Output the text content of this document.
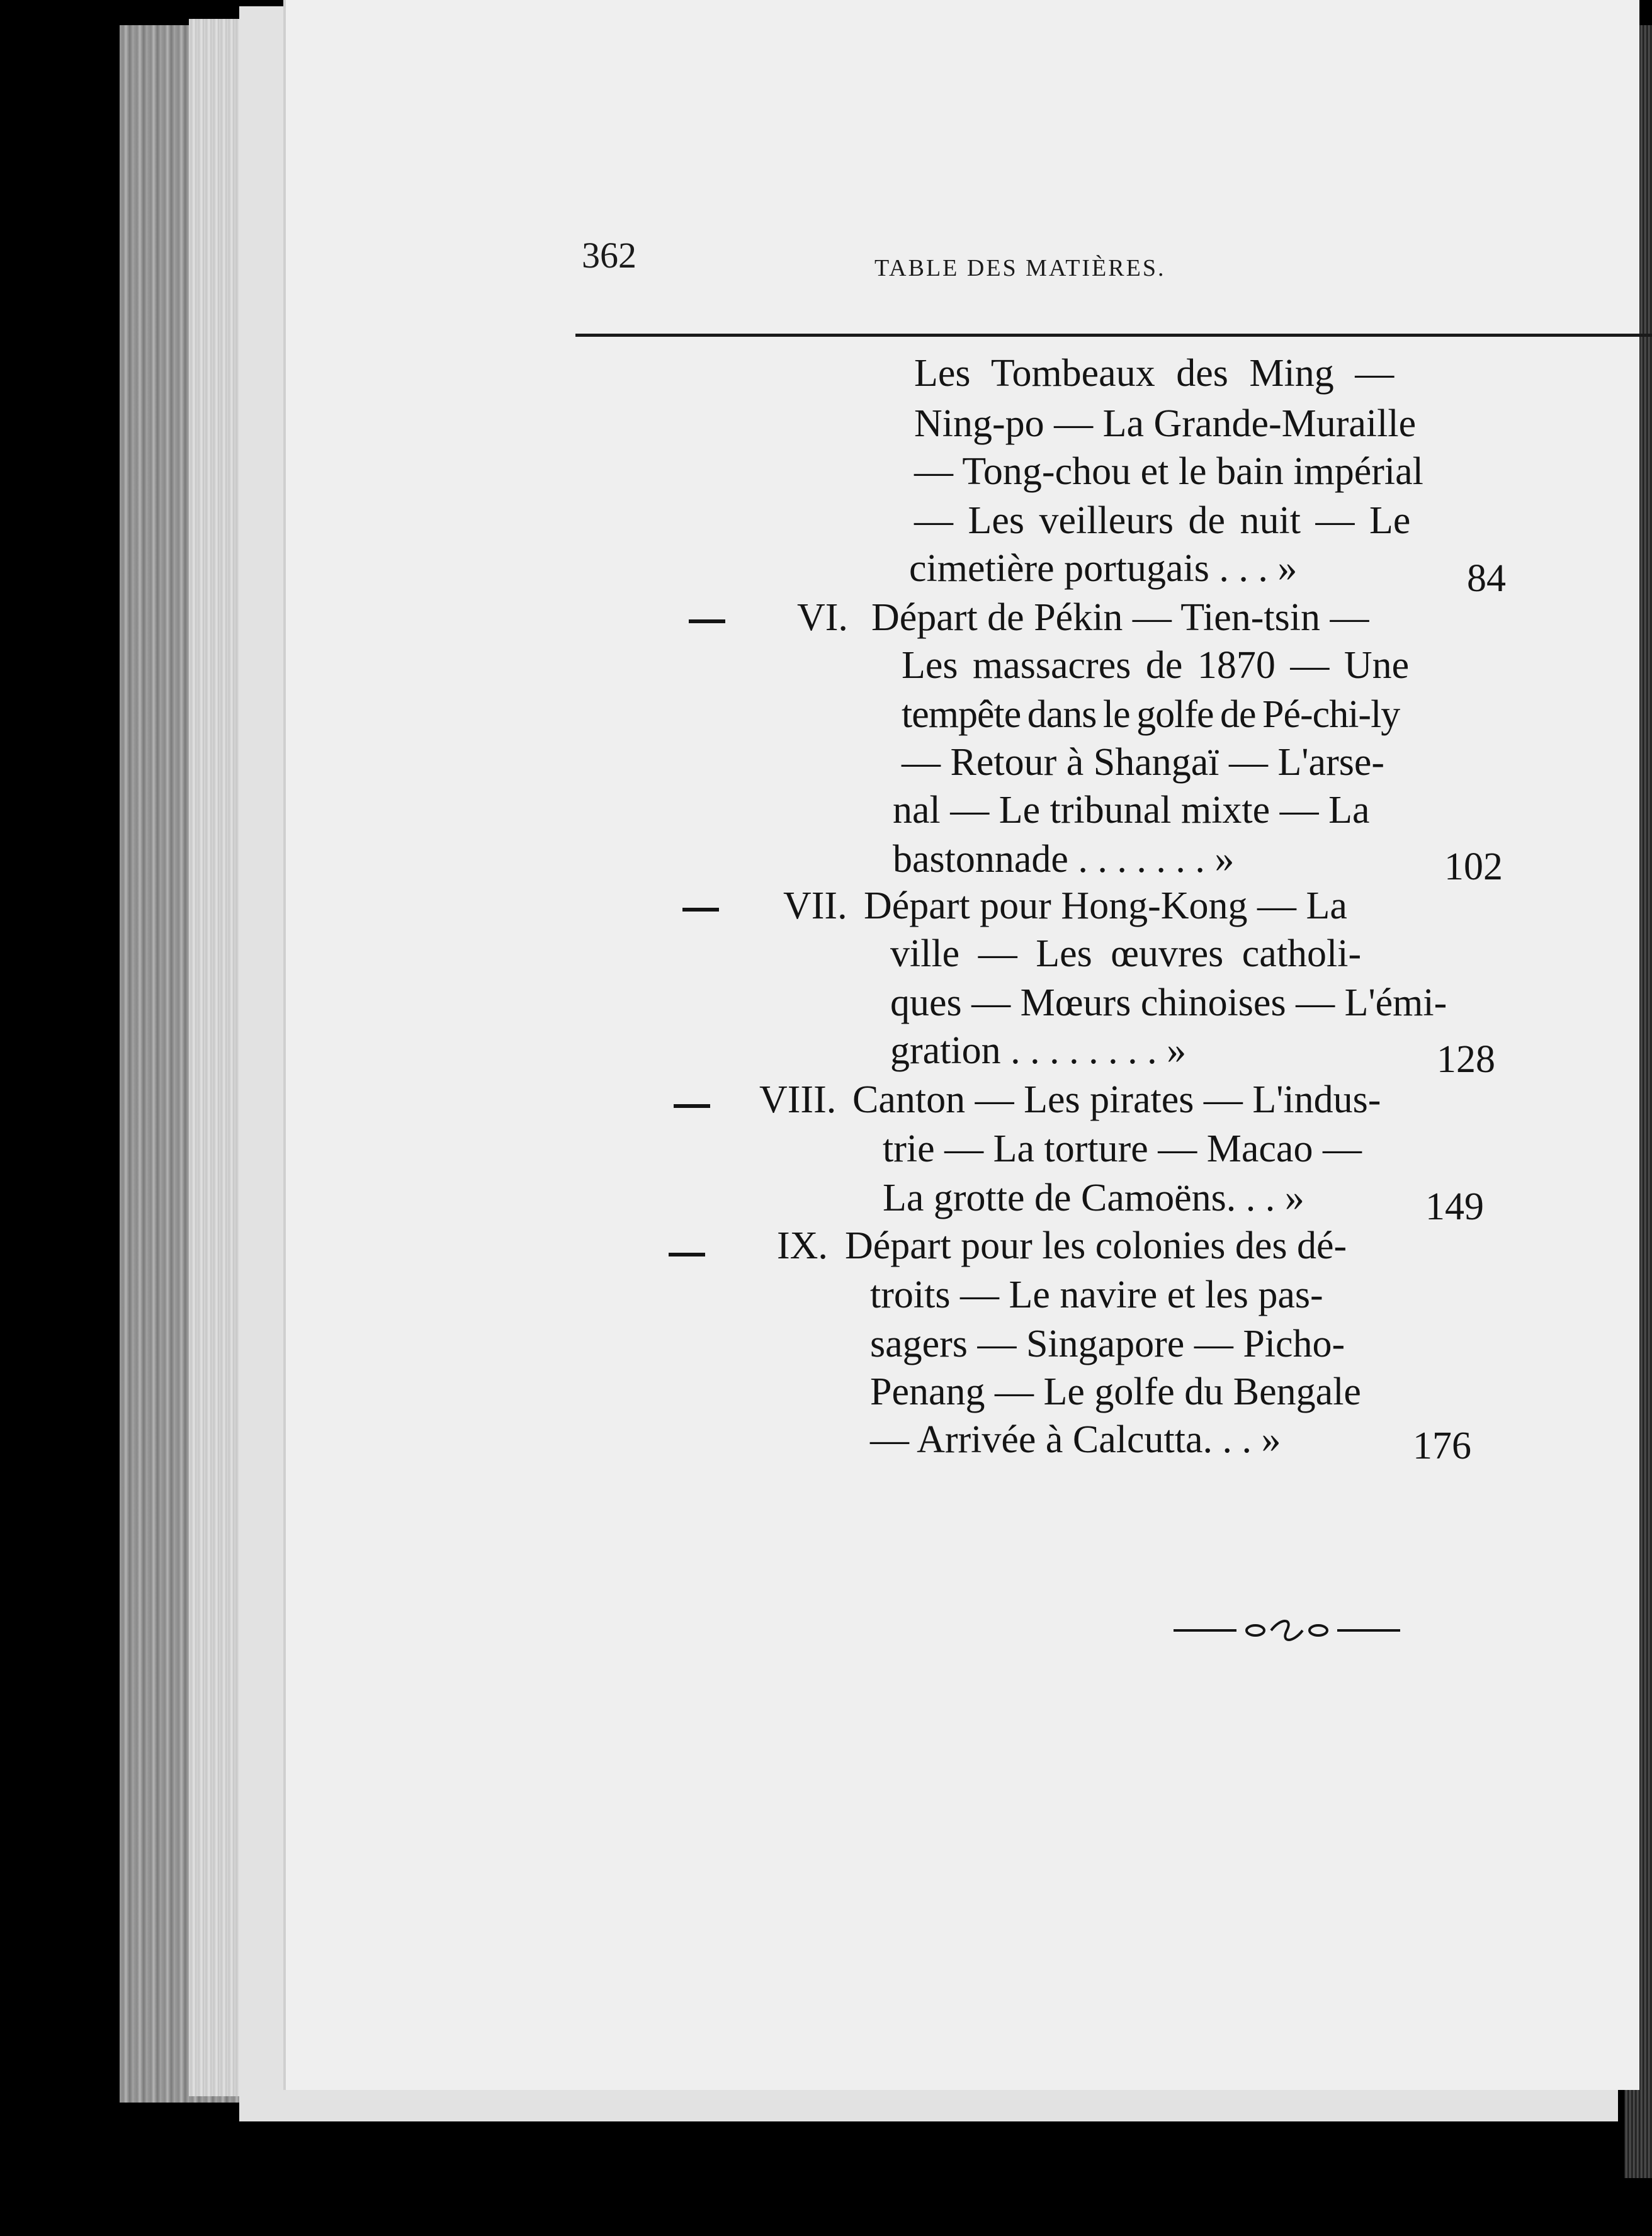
362	TABLE DES MATIÈRES.
Les Tombeaux des Ming —
Ning-po — La Grande-Muraille
— Tong-chou et le bain impérial
— Les veilleurs de nuit — Le
cimetière portugais . . . »	84
VI. Départ de Pékin — Tien-tsin —
Les massacres de 1870 — Une
tempête dans le golfe de Pé-chi-ly
— Retour à Shangaï — L'arse-
nal — Le tribunal mixte — La
bastonnade . . . . . . . »	102
VII. Départ pour Hong-Kong — La
ville — Les œuvres catholi-
ques — Mœurs chinoises — L'émi-
gration . . . . . . . . »	128
VIII. Canton — Les pirates — L'indus-
trie — La torture — Macao —
La grotte de Camoëns. . . »	149
IX. Départ pour les colonies des dé-
troits — Le navire et les pas-
sagers — Singapore — Picho-
Penang — Le golfe du Bengale
— Arrivée à Calcutta. . . »	176
